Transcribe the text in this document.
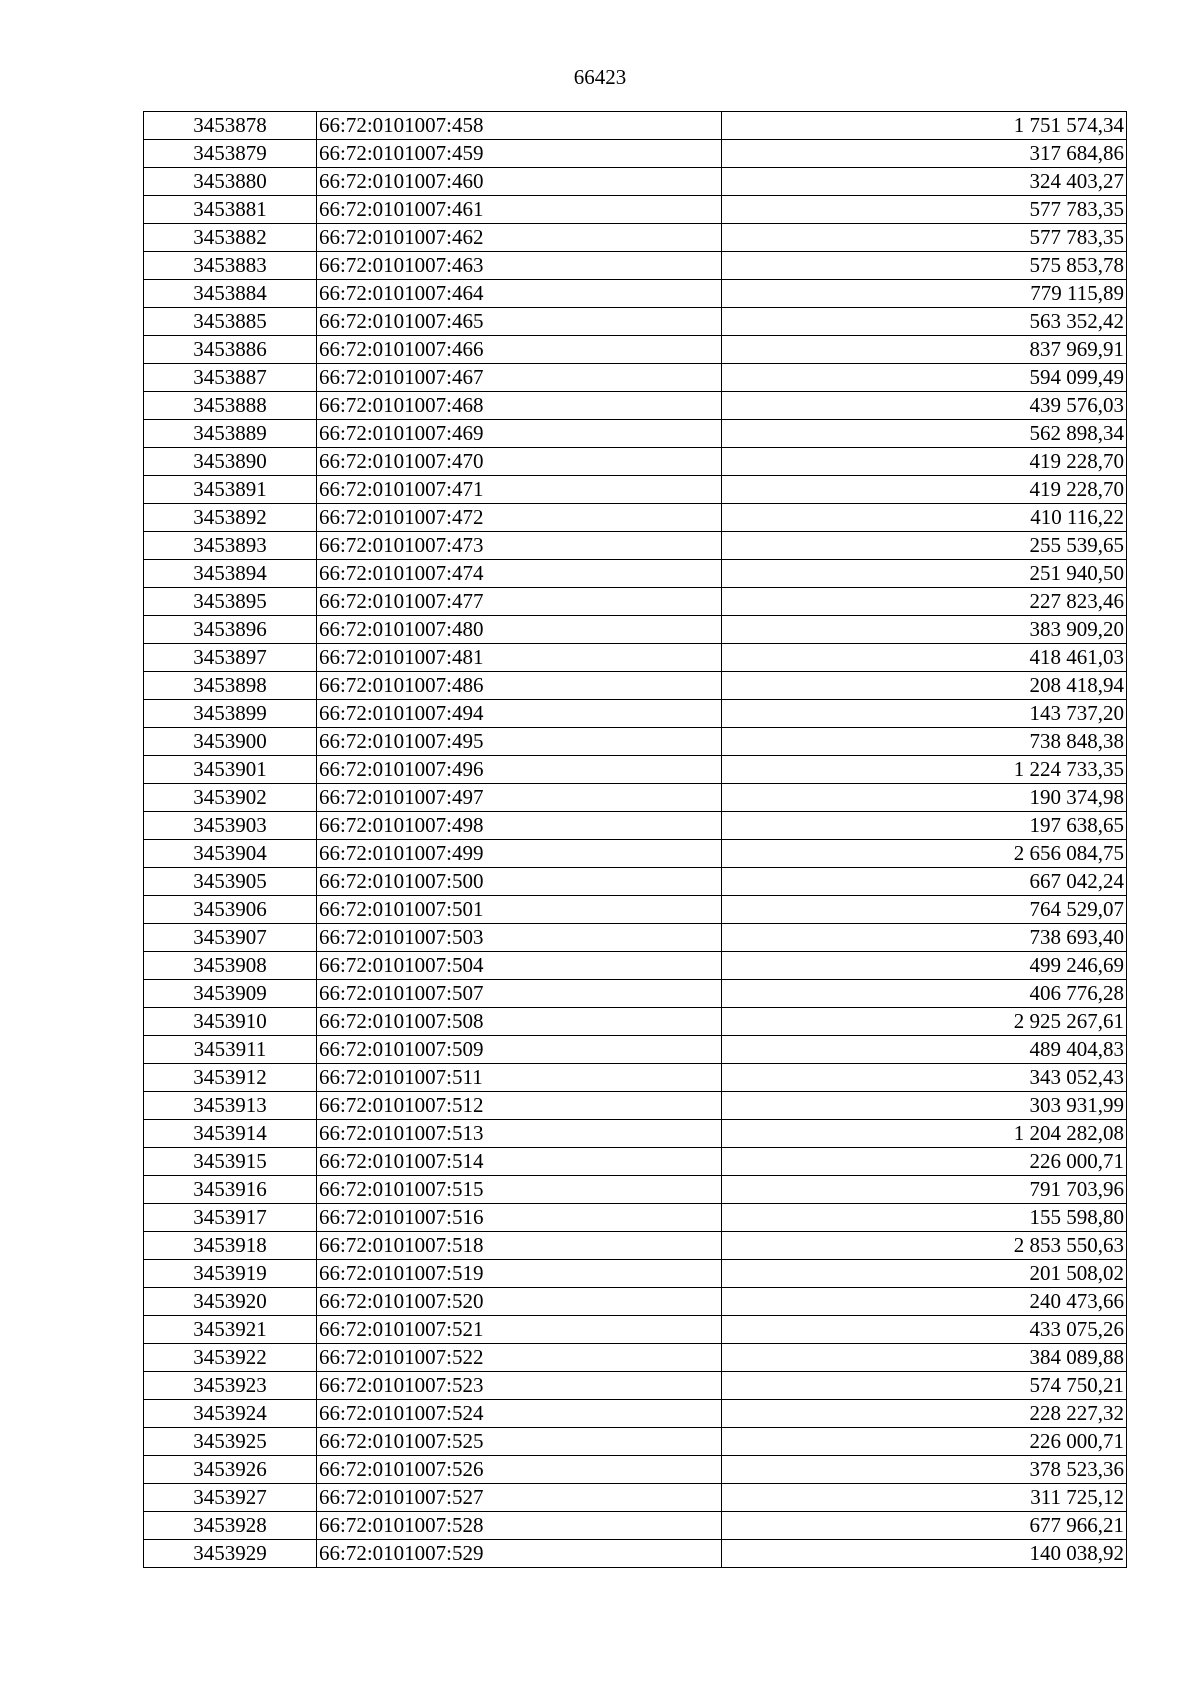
66423
3453878	66:72:0101007:458	1 751 574,34
3453879	66:72:0101007:459	317 684,86
3453880	66:72:0101007:460	324 403,27
3453881	66:72:0101007:461	577 783,35
3453882	66:72:0101007:462	577 783,35
3453883	66:72:0101007:463	575 853,78
3453884	66:72:0101007:464	779 115,89
3453885	66:72:0101007:465	563 352,42
3453886	66:72:0101007:466	837 969,91
3453887	66:72:0101007:467	594 099,49
3453888	66:72:0101007:468	439 576,03
3453889	66:72:0101007:469	562 898,34
3453890	66:72:0101007:470	419 228,70
3453891	66:72:0101007:471	419 228,70
3453892	66:72:0101007:472	410 116,22
3453893	66:72:0101007:473	255 539,65
3453894	66:72:0101007:474	251 940,50
3453895	66:72:0101007:477	227 823,46
3453896	66:72:0101007:480	383 909,20
3453897	66:72:0101007:481	418 461,03
3453898	66:72:0101007:486	208 418,94
3453899	66:72:0101007:494	143 737,20
3453900	66:72:0101007:495	738 848,38
3453901	66:72:0101007:496	1 224 733,35
3453902	66:72:0101007:497	190 374,98
3453903	66:72:0101007:498	197 638,65
3453904	66:72:0101007:499	2 656 084,75
3453905	66:72:0101007:500	667 042,24
3453906	66:72:0101007:501	764 529,07
3453907	66:72:0101007:503	738 693,40
3453908	66:72:0101007:504	499 246,69
3453909	66:72:0101007:507	406 776,28
3453910	66:72:0101007:508	2 925 267,61
3453911	66:72:0101007:509	489 404,83
3453912	66:72:0101007:511	343 052,43
3453913	66:72:0101007:512	303 931,99
3453914	66:72:0101007:513	1 204 282,08
3453915	66:72:0101007:514	226 000,71
3453916	66:72:0101007:515	791 703,96
3453917	66:72:0101007:516	155 598,80
3453918	66:72:0101007:518	2 853 550,63
3453919	66:72:0101007:519	201 508,02
3453920	66:72:0101007:520	240 473,66
3453921	66:72:0101007:521	433 075,26
3453922	66:72:0101007:522	384 089,88
3453923	66:72:0101007:523	574 750,21
3453924	66:72:0101007:524	228 227,32
3453925	66:72:0101007:525	226 000,71
3453926	66:72:0101007:526	378 523,36
3453927	66:72:0101007:527	311 725,12
3453928	66:72:0101007:528	677 966,21
3453929	66:72:0101007:529	140 038,92
